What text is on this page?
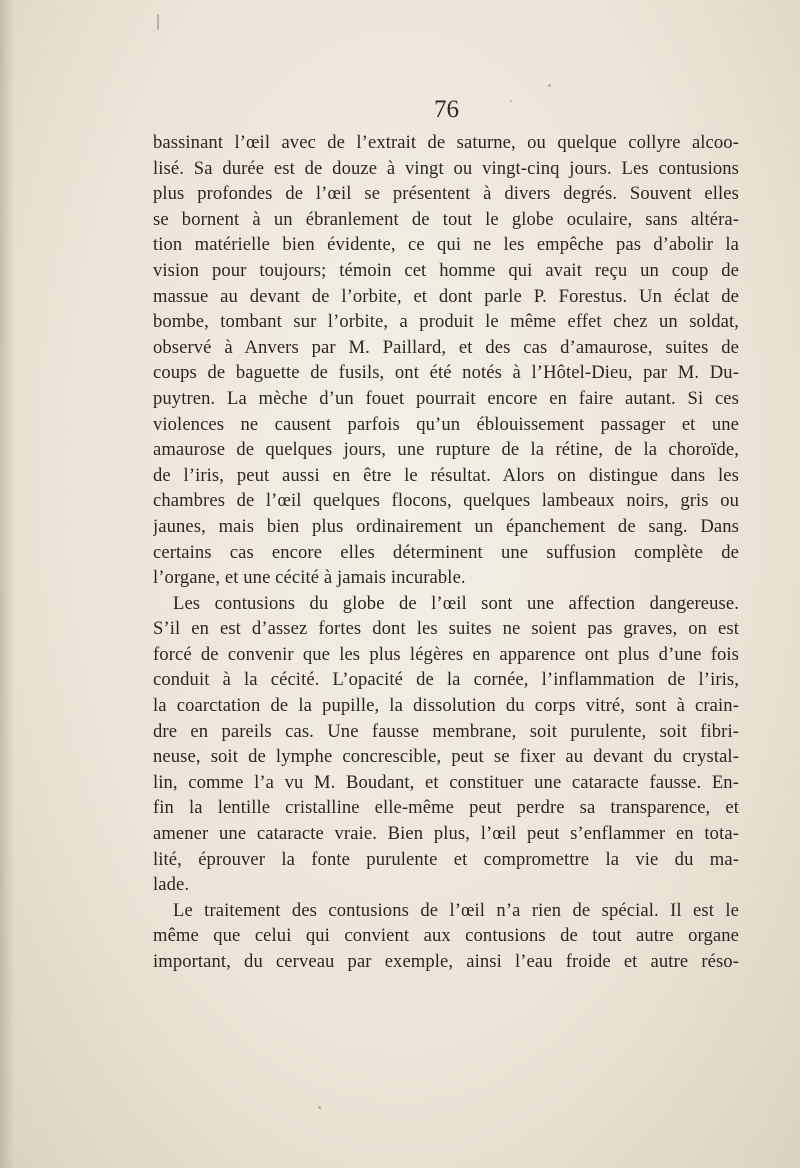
76
bassinant l’œil avec de l’extrait de saturne, ou quelque collyre alcoo-
lisé. Sa durée est de douze à vingt ou vingt-cinq jours. Les contusions
plus profondes de l’œil se présentent à divers degrés. Souvent elles
se bornent à un ébranlement de tout le globe oculaire, sans altéra-
tion matérielle bien évidente, ce qui ne les empêche pas d’abolir la
vision pour toujours; témoin cet homme qui avait reçu un coup de
massue au devant de l’orbite, et dont parle P. Forestus. Un éclat de
bombe, tombant sur l’orbite, a produit le même effet chez un soldat,
observé à Anvers par M. Paillard, et des cas d’amaurose, suites de
coups de baguette de fusils, ont été notés à l’Hôtel-Dieu, par M. Du-
puytren. La mèche d’un fouet pourrait encore en faire autant. Si ces
violences ne causent parfois qu’un éblouissement passager et une
amaurose de quelques jours, une rupture de la rétine, de la choroïde,
de l’iris, peut aussi en être le résultat. Alors on distingue dans les
chambres de l’œil quelques flocons, quelques lambeaux noirs, gris ou
jaunes, mais bien plus ordinairement un épanchement de sang. Dans
certains cas encore elles déterminent une suffusion complète de
l’organe, et une cécité à jamais incurable.
Les contusions du globe de l’œil sont une affection dangereuse.
S’il en est d’assez fortes dont les suites ne soient pas graves, on est
forcé de convenir que les plus légères en apparence ont plus d’une fois
conduit à la cécité. L’opacité de la cornée, l’inflammation de l’iris,
la coarctation de la pupille, la dissolution du corps vitré, sont à crain-
dre en pareils cas. Une fausse membrane, soit purulente, soit fibri-
neuse, soit de lymphe concrescible, peut se fixer au devant du crystal-
lin, comme l’a vu M. Boudant, et constituer une cataracte fausse. En-
fin la lentille cristalline elle-même peut perdre sa transparence, et
amener une cataracte vraie. Bien plus, l’œil peut s’enflammer en tota-
lité, éprouver la fonte purulente et compromettre la vie du ma-
lade.
Le traitement des contusions de l’œil n’a rien de spécial. Il est le
même que celui qui convient aux contusions de tout autre organe
important, du cerveau par exemple, ainsi l’eau froide et autre réso-
